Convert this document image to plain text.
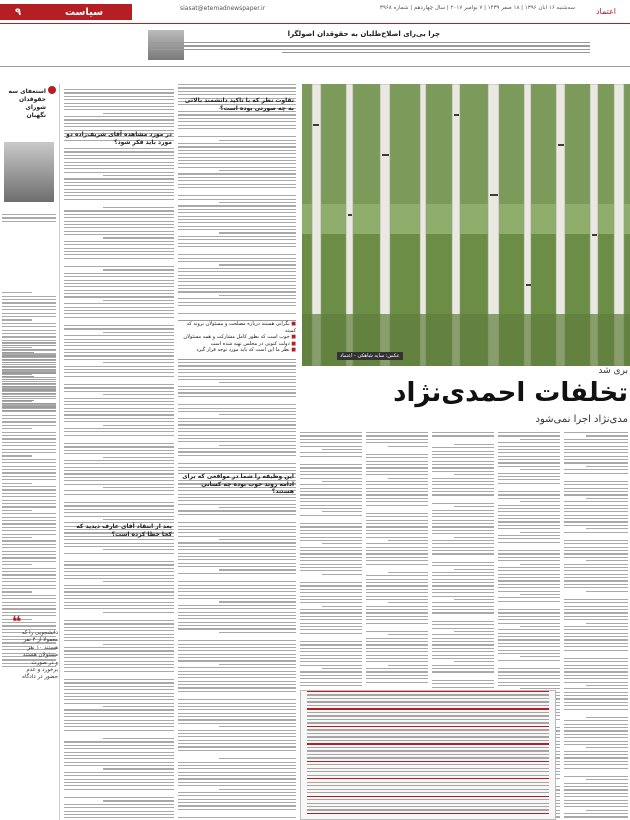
۹	سیاست	siasat@etemadnewspaper.ir	سه‌شنبه ۱۶ آبان ۱۳۹۶ | ۱۸ صفر ۱۴۳۹ | ۷ نوامبر ۲۰۱۷ | سال چهاردهم | شماره ۳۹۶۸	اعتماد
چرا بی‌رای اصلاح‌طلبان به حقوقدان اصولگرا
عکس: سایه شاهکی - اعتماد
بری شد
تخلفات احمدی‌نژاد
مدی‌نژاد اجرا نمی‌شود
■ نگرانی هستند درباره مصلحت و مسئولان بروند که کمیته
■ خوب است که بطور کامل مشارکت و همه مسئولان
■ دولت کنونی در مجلس تهیه شده است
■ نظر ما این است که باید مورد توجه قرار گیرد
تفاوت نظر که با تاکید دانشمند بالائی به چه صورتی بوده است؟
در مورد مشاهده آقای شریف‌زاده دو مورد باید فکر شود؟
این وظیفه را شما در مواقعی که برای ادامه روند خوب بوده چه کسانی هستند؟
بعد از انتقاد آقای عارف دیدید که کجا خطا کرده است؟
استعفای سه حقوقدان شورای نگهبان
❝
دانشجویی را که معمولا از ۴ نفر هستند ۱۰ نفر مسئولان هستند و در صورت برخورد و عدم حضور در دادگاه
